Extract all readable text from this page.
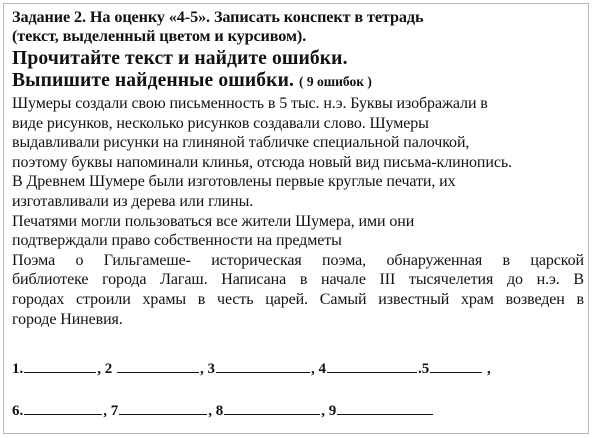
Задание 2. На оценку «4-5». Записать конспект в тетрадь
(текст, выделенный цветом и курсивом).

Прочитайте текст и найдите ошибки.

Выпишите найденные ошибки. ( 9 ошибок )

Шумеры создали свою письменность в 5 тыс. н.э. Буквы изображали в
виде рисунков, несколько рисунков создавали слово. Шумеры
выдавливали рисунки на глиняной табличке специальной палочкой,
поэтому буквы напоминали клинья, отсюда новый вид письма-клинопись.

В Древнем Шумере были изготовлены первые круглые печати, их
изготавливали из дерева или глины.

Печатями могли пользоваться все жители Шумера, ими они
подтверждали право собственности на предметы

Поэма о Гильгамеше- историческая поэма, обнаруженная в царской
библиотеке города Лагаш. Написана в начале III тысячелетия до н.э. В
городах строили храмы в честь царей. Самый известный храм возведен в
городе Ниневия.

1.	, 2	, 3	, 4	.5	,
6.	, 7	, 8	, 9
